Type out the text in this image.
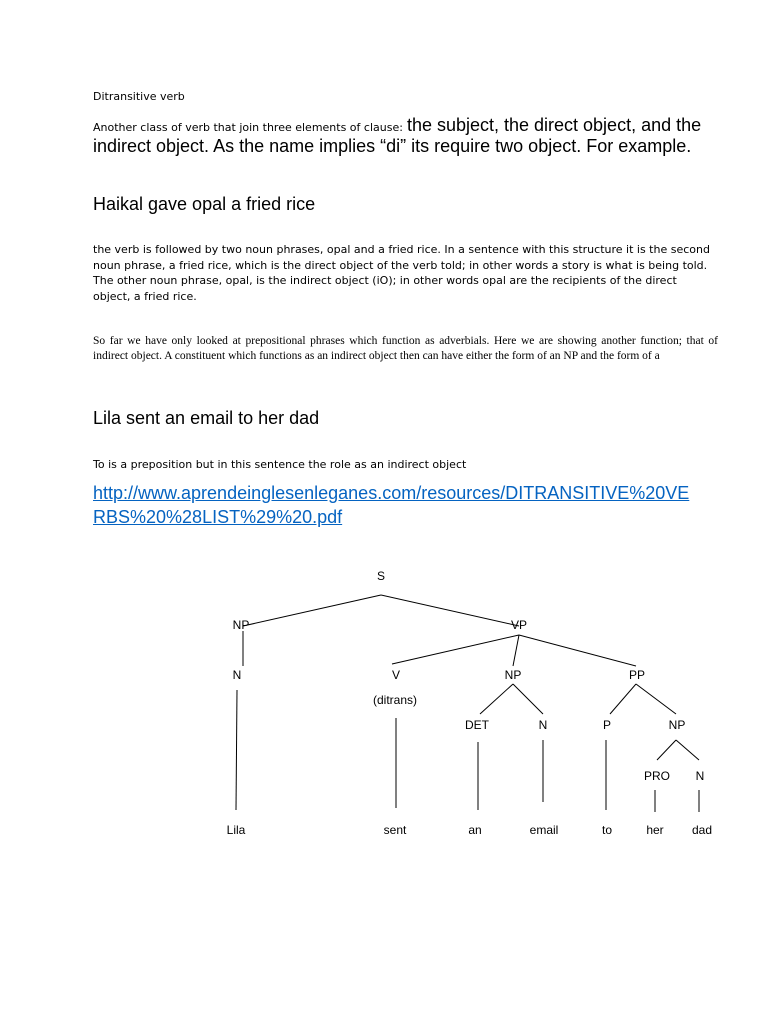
Ditransitive verb

Another class of verb that join three elements of clause: the subject, the direct object, and the indirect object. As the name implies “di” its require two object. For example.

Haikal gave opal a fried rice

the verb is followed by two noun phrases, opal and a fried rice. In a sentence with this structure it is the second noun phrase, a fried rice, which is the direct object of the verb told; in other words a story is what is being told. The other noun phrase, opal, is the indirect object (iO); in other words opal are the recipients of the direct object, a fried rice.

So far we have only looked at prepositional phrases which function as adverbials. Here we are showing another function; that of indirect object. A constituent which functions as an indirect object then can have either the form of an NP and the form of a

Lila sent an email to her dad

To is a preposition but in this sentence the role as an indirect object

http://www.aprendeinglesenleganes.com/resources/DITRANSITIVE%20VERBS%20%28LIST%29%20.pdf

S
NP	VP
N	V
(ditrans)
NP	PP
DET	N	P	NP
PRO N
Lila	sent	an	email	to	her dad
